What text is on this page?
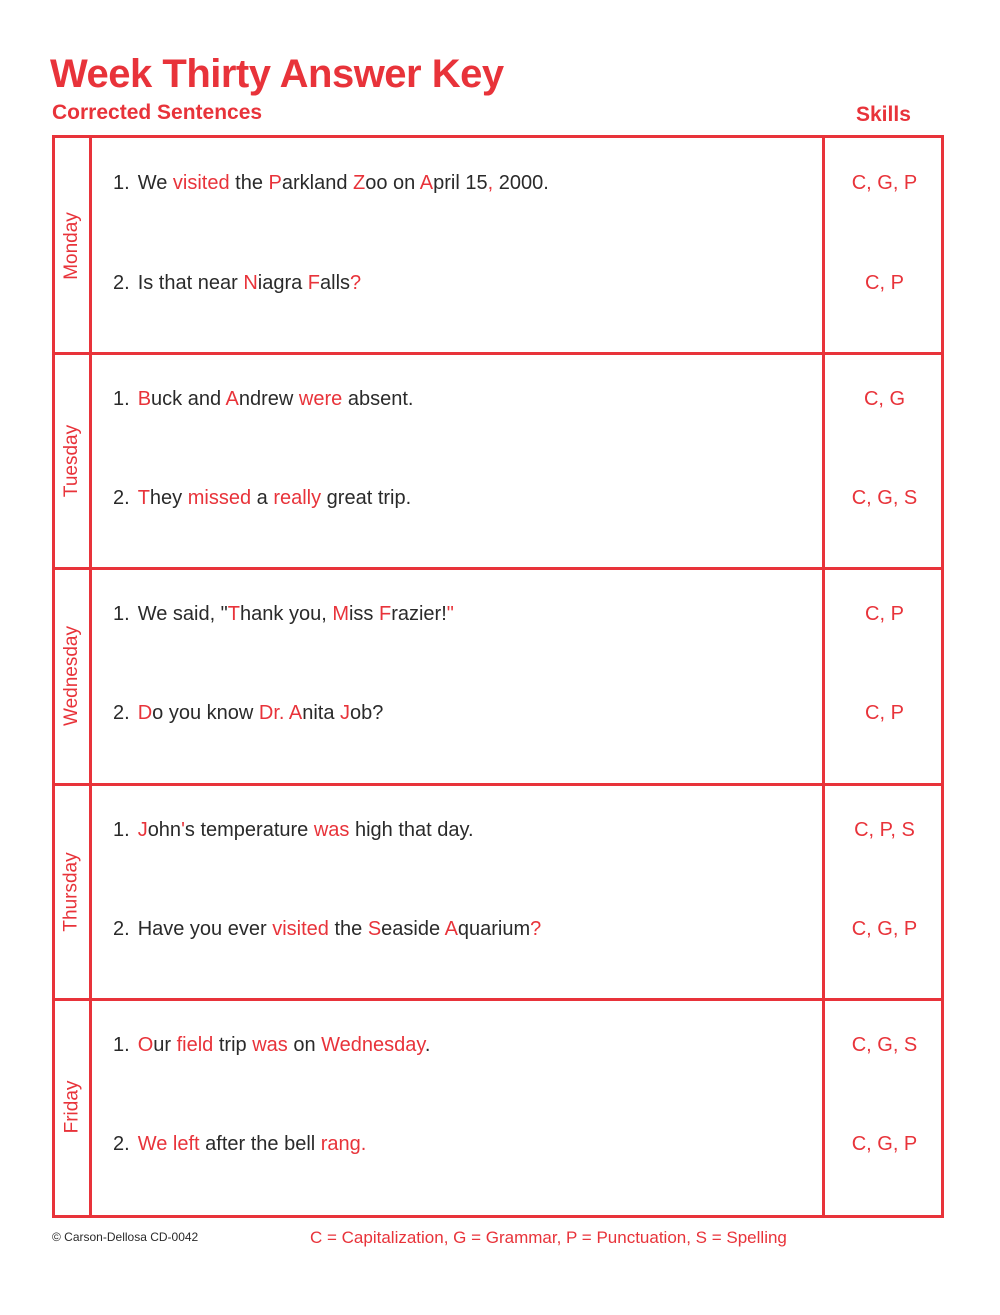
Week Thirty Answer Key
Corrected Sentences	Skills
Monday
1. We visited the Parkland Zoo on April 15, 2000.	C, G, P
2. Is that near Niagra Falls?	C, P
Tuesday
1. Buck and Andrew were absent.	C, G
2. They missed a really great trip.	C, G, S
Wednesday
1. We said, "Thank you, Miss Frazier!"	C, P
2. Do you know Dr. Anita Job?	C, P
Thursday
1. John's temperature was high that day.	C, P, S
2. Have you ever visited the Seaside Aquarium?	C, G, P
Friday
1. Our field trip was on Wednesday.	C, G, S
2. We left after the bell rang.	C, G, P
© Carson-Dellosa CD-0042	C = Capitalization, G = Grammar, P = Punctuation, S = Spelling
